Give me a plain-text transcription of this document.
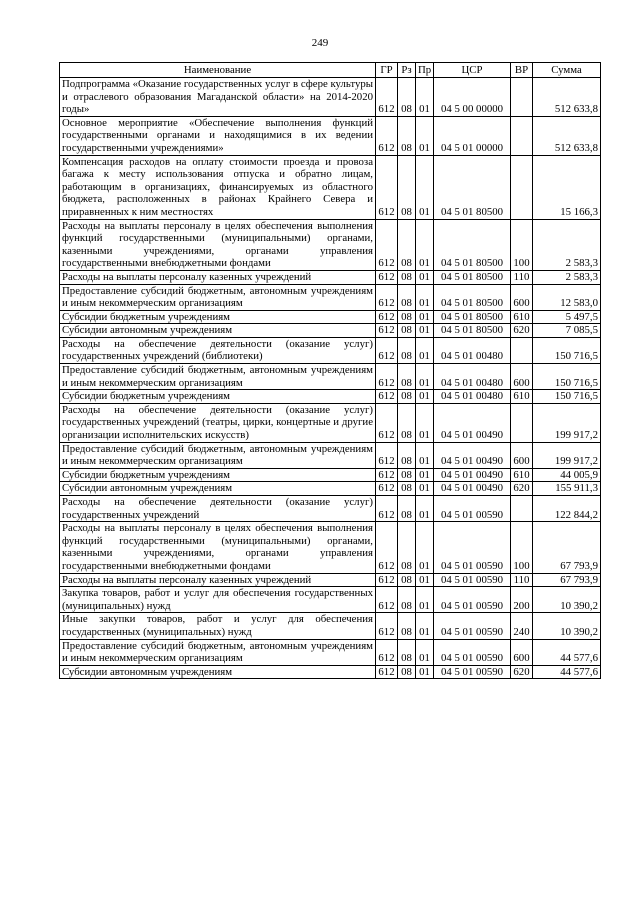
249
Наименование	ГР	Рз	Пр	ЦСР	ВР	Сумма
Подпрограмма «Оказание государственных услуг в сфере культуры и отраслевого образования Магаданской области» на 2014-2020 годы»	612	08	01	04 5 00 00000		512 633,8
Основное мероприятие «Обеспечение выполнения функций государственными органами и находящимися в их ведении государственными учреждениями»	612	08	01	04 5 01 00000		512 633,8
Компенсация расходов на оплату стоимости проезда и провоза багажа к месту использования отпуска и обратно лицам, работающим в организациях, финансируемых из областного бюджета, расположенных в районах Крайнего Севера и приравненных к ним местностях	612	08	01	04 5 01 80500		15 166,3
Расходы на выплаты персоналу в целях обеспечения выполнения функций государственными (муниципальными) органами, казенными учреждениями, органами управления государственными внебюджетными фондами	612	08	01	04 5 01 80500	100	2 583,3
Расходы на выплаты персоналу казенных учреждений	612	08	01	04 5 01 80500	110	2 583,3
Предоставление субсидий бюджетным, автономным учреждениям и иным некоммерческим организациям	612	08	01	04 5 01 80500	600	12 583,0
Субсидии бюджетным учреждениям	612	08	01	04 5 01 80500	610	5 497,5
Субсидии автономным учреждениям	612	08	01	04 5 01 80500	620	7 085,5
Расходы на обеспечение деятельности (оказание услуг) государственных учреждений (библиотеки)	612	08	01	04 5 01 00480		150 716,5
Предоставление субсидий бюджетным, автономным учреждениям и иным некоммерческим организациям	612	08	01	04 5 01 00480	600	150 716,5
Субсидии бюджетным учреждениям	612	08	01	04 5 01 00480	610	150 716,5
Расходы на обеспечение деятельности (оказание услуг) государственных учреждений (театры, цирки, концертные и другие организации исполнительских искусств)	612	08	01	04 5 01 00490		199 917,2
Предоставление субсидий бюджетным, автономным учреждениям и иным некоммерческим организациям	612	08	01	04 5 01 00490	600	199 917,2
Субсидии бюджетным учреждениям	612	08	01	04 5 01 00490	610	44 005,9
Субсидии автономным учреждениям	612	08	01	04 5 01 00490	620	155 911,3
Расходы на обеспечение деятельности (оказание услуг) государственных учреждений	612	08	01	04 5 01 00590		122 844,2
Расходы на выплаты персоналу в целях обеспечения выполнения функций государственными (муниципальными) органами, казенными учреждениями, органами управления государственными внебюджетными фондами	612	08	01	04 5 01 00590	100	67 793,9
Расходы на выплаты персоналу казенных учреждений	612	08	01	04 5 01 00590	110	67 793,9
Закупка товаров, работ и услуг для обеспечения государственных (муниципальных) нужд	612	08	01	04 5 01 00590	200	10 390,2
Иные закупки товаров, работ и услуг для обеспечения государственных (муниципальных) нужд	612	08	01	04 5 01 00590	240	10 390,2
Предоставление субсидий бюджетным, автономным учреждениям и иным некоммерческим организациям	612	08	01	04 5 01 00590	600	44 577,6
Субсидии автономным учреждениям	612	08	01	04 5 01 00590	620	44 577,6
